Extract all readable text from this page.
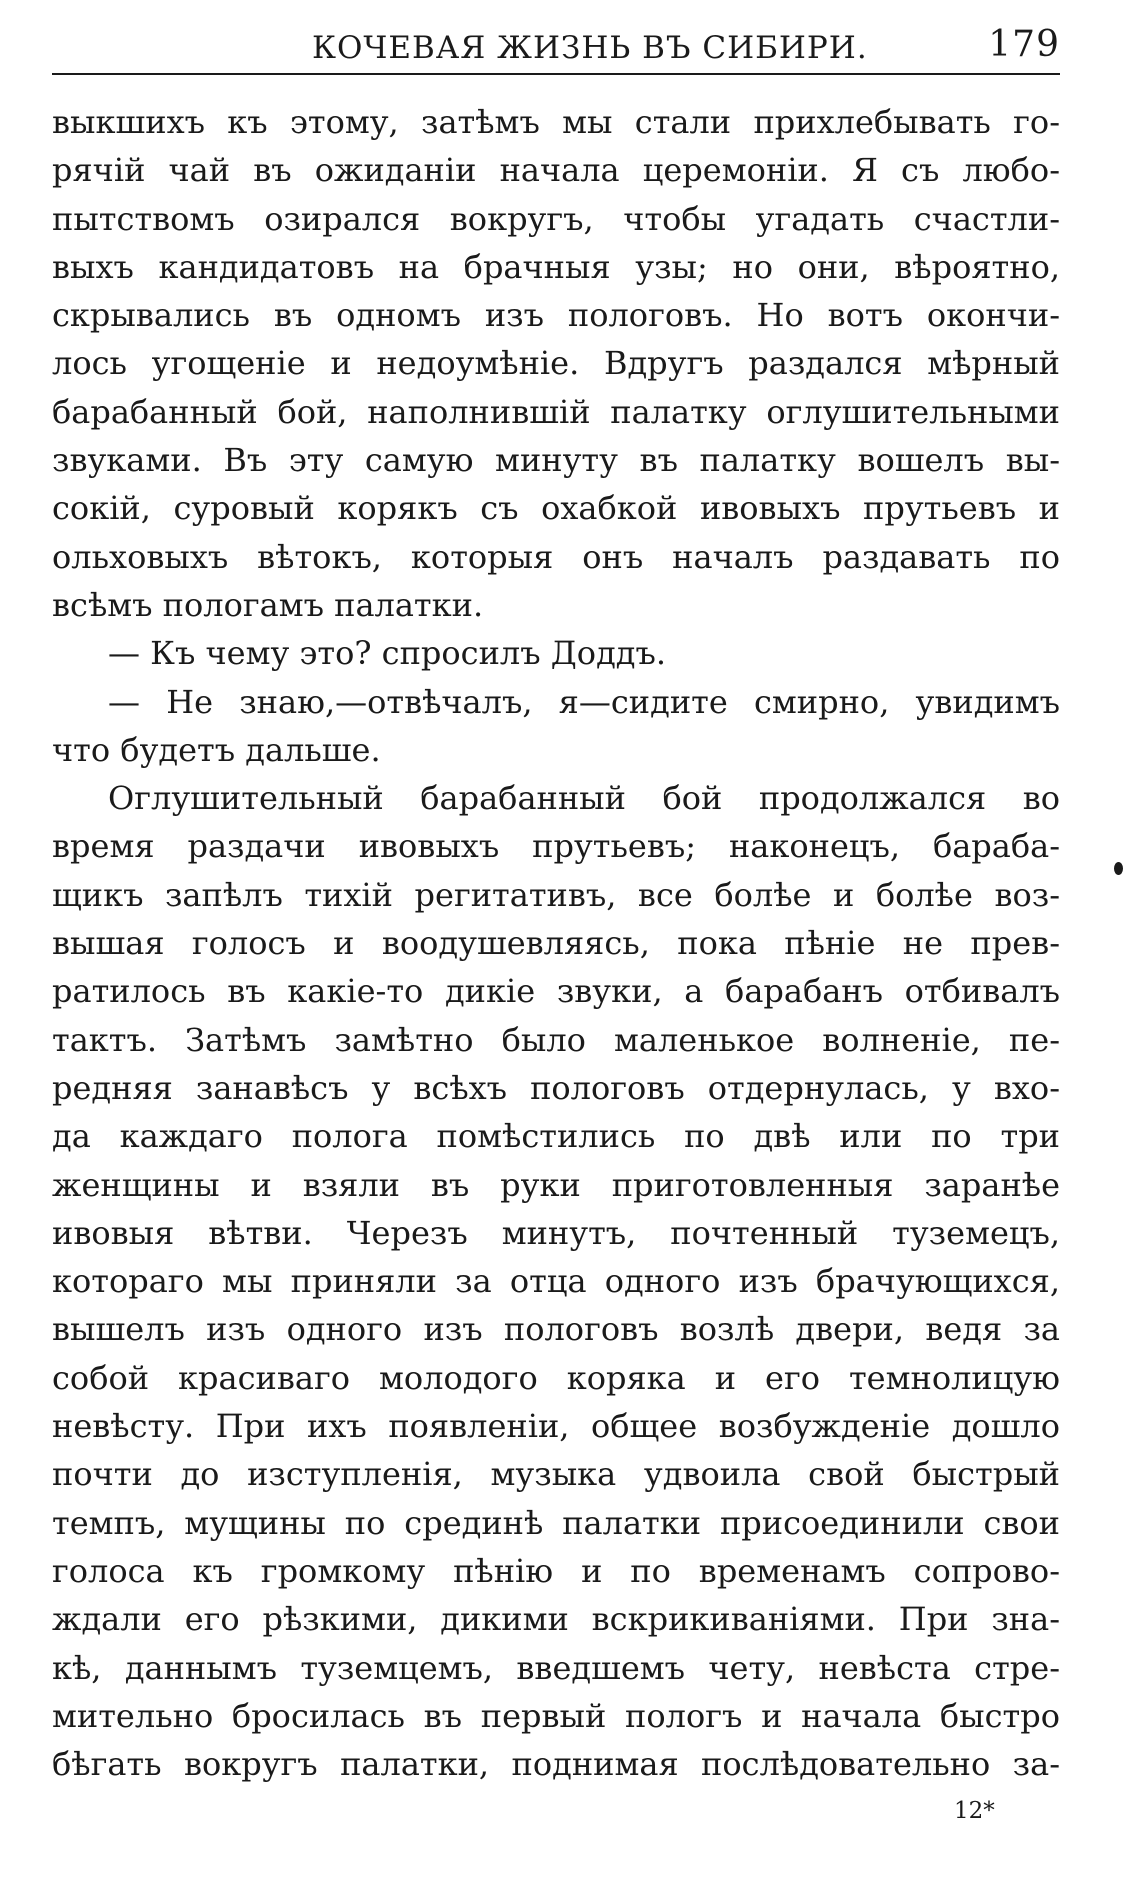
КОЧЕВАЯ ЖИЗНЬ ВЪ СИБИРИ.	179
выкшихъ къ этому, затѣмъ мы стали прихлебывать го-
рячій чай въ ожиданіи начала церемоніи. Я съ любо-
пытствомъ озирался вокругъ, чтобы угадать счастли-
выхъ кандидатовъ на брачныя узы; но они, вѣроятно,
скрывались въ одномъ изъ пологовъ. Но вотъ окончи-
лось угощеніе и недоумѣніе. Вдругъ раздался мѣрный
барабанный бой, наполнившій палатку оглушительными
звуками. Въ эту самую минуту въ палатку вошелъ вы-
сокій, суровый корякъ съ охабкой ивовыхъ прутьевъ и
ольховыхъ вѣтокъ, которыя онъ началъ раздавать по
всѣмъ пологамъ палатки.
— Къ чему это? спросилъ Доддъ.
— Не знаю,—отвѣчалъ, я—сидите смирно, увидимъ
что будетъ дальше.
Оглушительный барабанный бой продолжался во
время раздачи ивовыхъ прутьевъ; наконецъ, бараба-
щикъ запѣлъ тихій регитативъ, все болѣе и болѣе воз-
вышая голосъ и воодушевляясь, пока пѣніе не прев-
ратилось въ какіе-то дикіе звуки, а барабанъ отбивалъ
тактъ. Затѣмъ замѣтно было маленькое волненіе, пе-
редняя занавѣсъ у всѣхъ пологовъ отдернулась, у вхо-
да каждаго полога помѣстились по двѣ или по три
женщины и взяли въ руки приготовленныя заранѣе
ивовыя вѣтви. Черезъ минутъ, почтенный туземецъ,
котораго мы приняли за отца одного изъ брачующихся,
вышелъ изъ одного изъ пологовъ возлѣ двери, ведя за
собой красиваго молодого коряка и его темнолицую
невѣсту. При ихъ появленіи, общее возбужденіе дошло
почти до изступленія, музыка удвоила свой быстрый
темпъ, мущины по срединѣ палатки присоединили свои
голоса къ громкому пѣнію и по временамъ сопрово-
ждали его рѣзкими, дикими вскрикиваніями. При зна-
кѣ, даннымъ туземцемъ, введшемъ чету, невѣста стре-
мительно бросилась въ первый пологъ и начала быстро
бѣгать вокругъ палатки, поднимая послѣдовательно за-
12*
